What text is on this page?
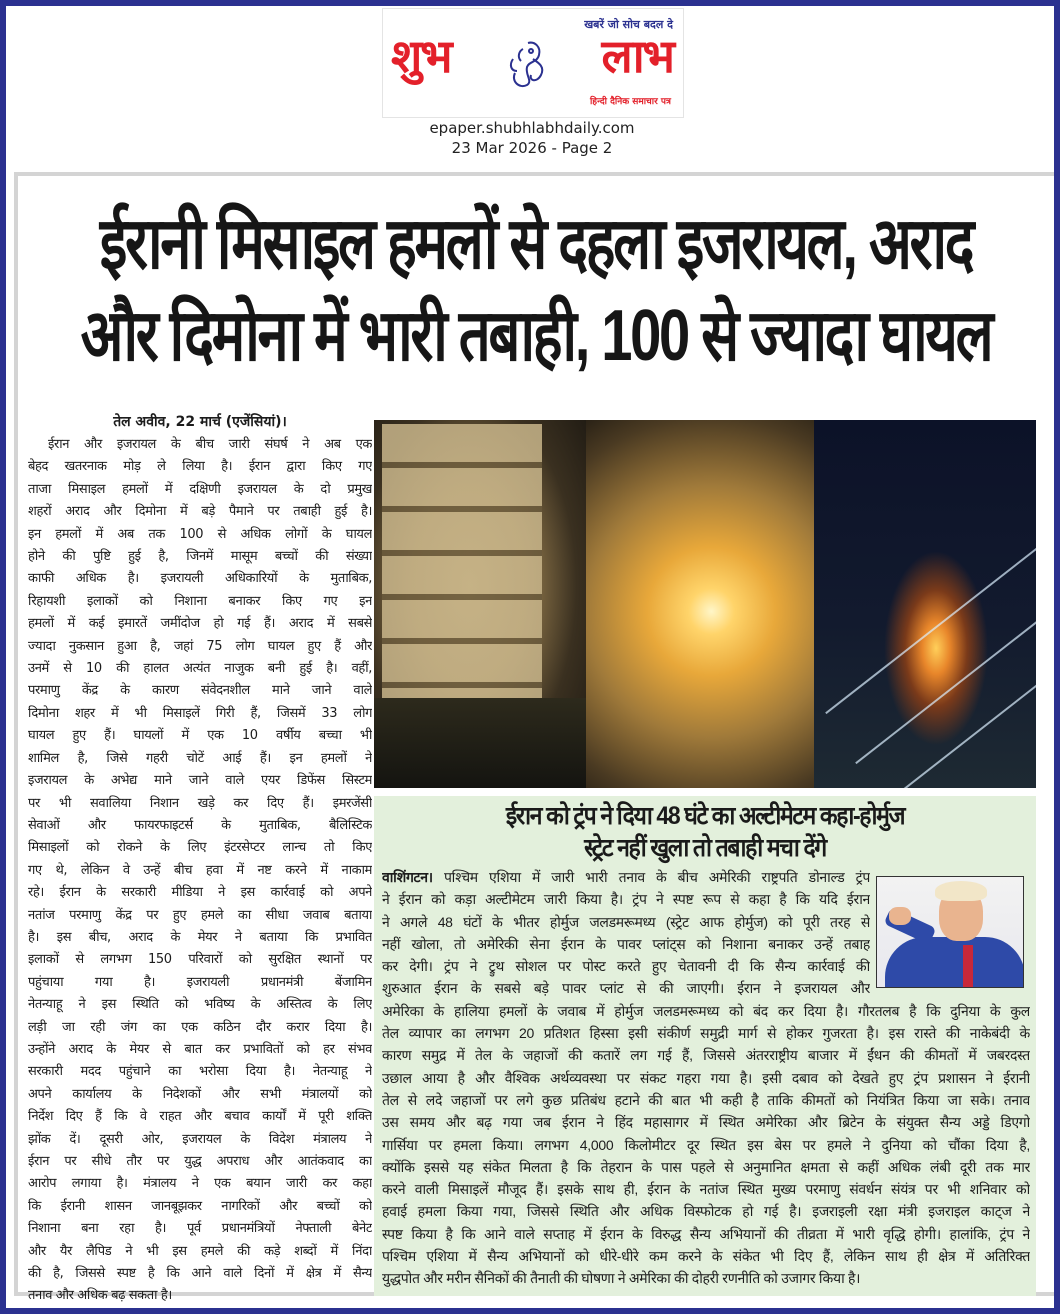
खबरें जो सोच बदल दे
शुभ	लाभ
हिन्दी दैनिक समाचार पत्र
epaper.shubhlabhdaily.com
23 Mar 2026 - Page 2
ईरानी मिसाइल हमलों से दहला इजरायल, अराद
और दिमोना में भारी तबाही, 100 से ज्यादा घायल
तेल अवीव, 22 मार्च (एजेंसियां)।
ईरान और इजरायल के बीच जारी संघर्ष ने अब एक
बेहद खतरनाक मोड़ ले लिया है। ईरान द्वारा किए गए
ताजा मिसाइल हमलों में दक्षिणी इजरायल के दो प्रमुख
शहरों अराद और दिमोना में बड़े पैमाने पर तबाही हुई है।
इन हमलों में अब तक 100 से अधिक लोगों के घायल
होने की पुष्टि हुई है, जिनमें मासूम बच्चों की संख्या
काफी अधिक है। इजरायली अधिकारियों के मुताबिक,
रिहायशी इलाकों को निशाना बनाकर किए गए इन
हमलों में कई इमारतें जमींदोज हो गई हैं। अराद में सबसे
ज्यादा नुकसान हुआ है, जहां 75 लोग घायल हुए हैं और
उनमें से 10 की हालत अत्यंत नाजुक बनी हुई है। वहीं,
परमाणु केंद्र के कारण संवेदनशील माने जाने वाले
दिमोना शहर में भी मिसाइलें गिरी हैं, जिसमें 33 लोग
घायल हुए हैं। घायलों में एक 10 वर्षीय बच्चा भी
शामिल है, जिसे गहरी चोटें आई हैं। इन हमलों ने
इजरायल के अभेद्य माने जाने वाले एयर डिफेंस सिस्टम
पर भी सवालिया निशान खड़े कर दिए हैं। इमरजेंसी
सेवाओं और फायरफाइटर्स के मुताबिक, बैलिस्टिक
मिसाइलों को रोकने के लिए इंटरसेप्टर लान्च तो किए
गए थे, लेकिन वे उन्हें बीच हवा में नष्ट करने में नाकाम
रहे। ईरान के सरकारी मीडिया ने इस कार्रवाई को अपने
नतांज परमाणु केंद्र पर हुए हमले का सीधा जवाब बताया
है। इस बीच, अराद के मेयर ने बताया कि प्रभावित
इलाकों से लगभग 150 परिवारों को सुरक्षित स्थानों पर
पहुंचाया गया है। इजरायली प्रधानमंत्री बेंजामिन
नेतन्याहू ने इस स्थिति को भविष्य के अस्तित्व के लिए
लड़ी जा रही जंग का एक कठिन दौर करार दिया है।
उन्होंने अराद के मेयर से बात कर प्रभावितों को हर संभव
सरकारी मदद पहुंचाने का भरोसा दिया है। नेतन्याहू ने
अपने कार्यालय के निदेशकों और सभी मंत्रालयों को
निर्देश दिए हैं कि वे राहत और बचाव कार्यों में पूरी शक्ति
झोंक दें। दूसरी ओर, इजरायल के विदेश मंत्रालय ने
ईरान पर सीधे तौर पर युद्ध अपराध और आतंकवाद का
आरोप लगाया है। मंत्रालय ने एक बयान जारी कर कहा
कि ईरानी शासन जानबूझकर नागरिकों और बच्चों को
निशाना बना रहा है। पूर्व प्रधानमंत्रियों नेफ्ताली बेनेट
और यैर लैपिड ने भी इस हमले की कड़े शब्दों में निंदा
की है, जिससे स्पष्ट है कि आने वाले दिनों में क्षेत्र में सैन्य
तनाव और अधिक बढ़ सकता है।
ईरान को ट्रंप ने दिया 48 घंटे का अल्टीमेटम कहा-होर्मुज
स्ट्रेट नहीं खुला तो तबाही मचा देंगे
वाशिंगटन। पश्चिम एशिया में जारी भारी तनाव के बीच अमेरिकी राष्ट्रपति डोनाल्ड ट्रंप
ने ईरान को कड़ा अल्टीमेटम जारी किया है। ट्रंप ने स्पष्ट रूप से कहा है कि यदि ईरान
ने अगले 48 घंटों के भीतर होर्मुज जलडमरूमध्य (स्ट्रेट आफ होर्मुज) को पूरी तरह से
नहीं खोला, तो अमेरिकी सेना ईरान के पावर प्लांट्स को निशाना बनाकर उन्हें तबाह
कर देगी। ट्रंप ने ट्रुथ सोशल पर पोस्ट करते हुए चेतावनी दी कि सैन्य कार्रवाई की
शुरुआत ईरान के सबसे बड़े पावर प्लांट से की जाएगी। ईरान ने इजरायल और
अमेरिका के हालिया हमलों के जवाब में होर्मुज जलडमरूमध्य को बंद कर दिया है। गौरतलब है कि दुनिया के कुल
तेल व्यापार का लगभग 20 प्रतिशत हिस्सा इसी संकीर्ण समुद्री मार्ग से होकर गुजरता है। इस रास्ते की नाकेबंदी के
कारण समुद्र में तेल के जहाजों की कतारें लग गई हैं, जिससे अंतरराष्ट्रीय बाजार में ईंधन की कीमतों में जबरदस्त
उछाल आया है और वैश्विक अर्थव्यवस्था पर संकट गहरा गया है। इसी दबाव को देखते हुए ट्रंप प्रशासन ने ईरानी
तेल से लदे जहाजों पर लगे कुछ प्रतिबंध हटाने की बात भी कही है ताकि कीमतों को नियंत्रित किया जा सके। तनाव
उस समय और बढ़ गया जब ईरान ने हिंद महासागर में स्थित अमेरिका और ब्रिटेन के संयुक्त सैन्य अड्डे डिएगो
गार्सिया पर हमला किया। लगभग 4,000 किलोमीटर दूर स्थित इस बेस पर हमले ने दुनिया को चौंका दिया है,
क्योंकि इससे यह संकेत मिलता है कि तेहरान के पास पहले से अनुमानित क्षमता से कहीं अधिक लंबी दूरी तक मार
करने वाली मिसाइलें मौजूद हैं। इसके साथ ही, ईरान के नतांज स्थित मुख्य परमाणु संवर्धन संयंत्र पर भी शनिवार को
हवाई हमला किया गया, जिससे स्थिति और अधिक विस्फोटक हो गई है। इजराइली रक्षा मंत्री इजराइल काट्ज ने
स्पष्ट किया है कि आने वाले सप्ताह में ईरान के विरुद्ध सैन्य अभियानों की तीव्रता में भारी वृद्धि होगी। हालांकि, ट्रंप ने
पश्चिम एशिया में सैन्य अभियानों को धीरे-धीरे कम करने के संकेत भी दिए हैं, लेकिन साथ ही क्षेत्र में अतिरिक्त
युद्धपोत और मरीन सैनिकों की तैनाती की घोषणा ने अमेरिका की दोहरी रणनीति को उजागर किया है।
